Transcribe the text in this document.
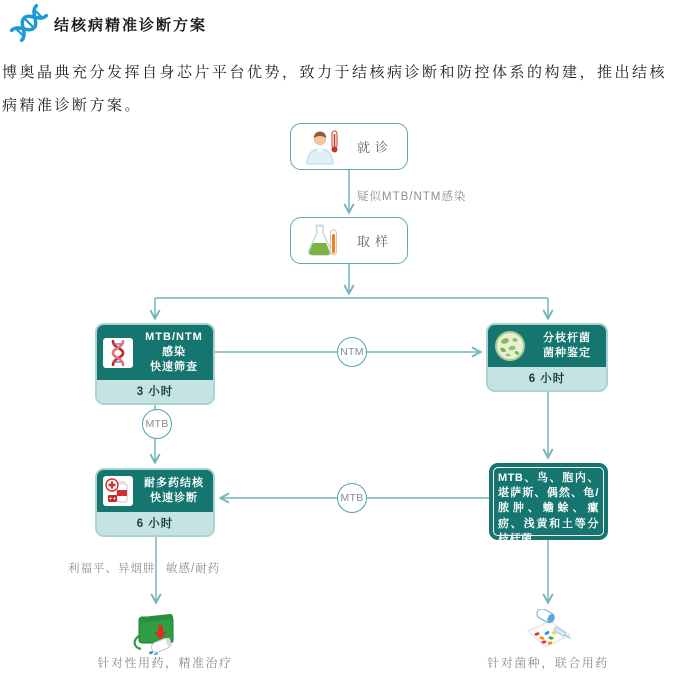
结核病精准诊断方案
博奥晶典充分发挥自身芯片平台优势，致力于结核病诊断和防控体系的构建，推出结核病精准诊断方案。
就诊
疑似MTB/NTM感染
取样
MTB/NTM 感染
快速筛查
3 小时
分枝杆菌
菌种鉴定
6 小时
耐多药结核
快速诊断
6 小时
MTB、鸟、胞内、堪萨斯、偶然、龟/脓肿、蟾蜍、瘰疬、浅黄和土等分枝杆菌
NTM
MTB
MTB
利福平、异烟肼 敏感/耐药
针对性用药，精准治疗	针对菌种，联合用药
